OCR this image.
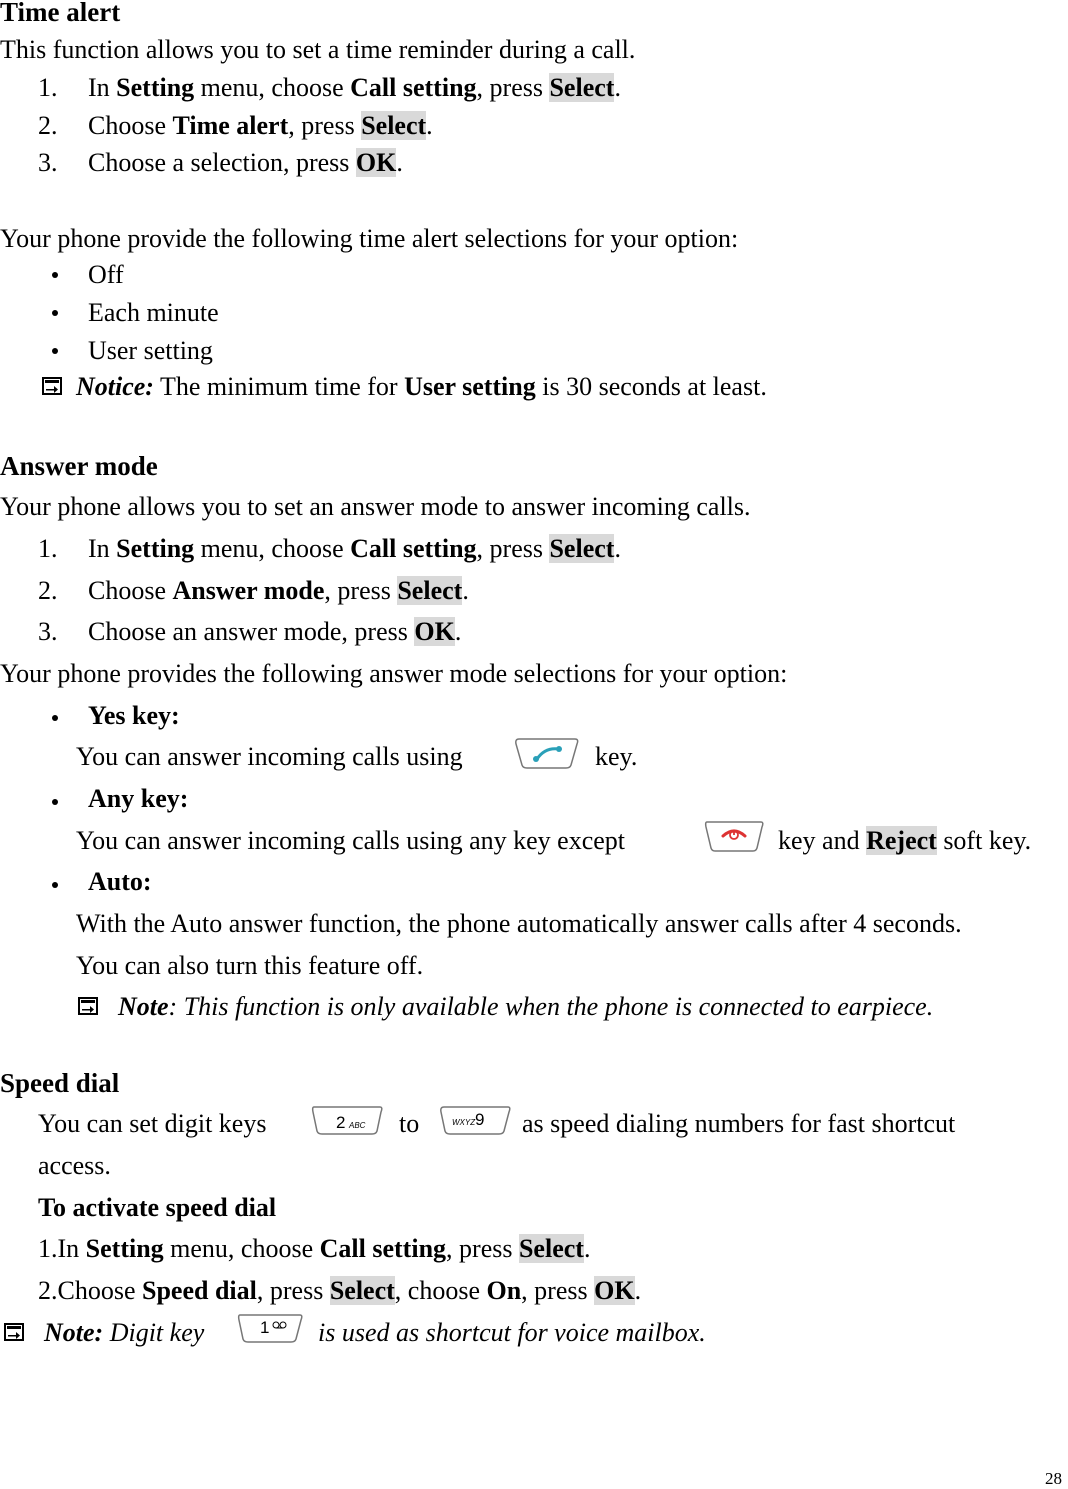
Time alert
This function allows you to set a time reminder during a call.
1. In Setting menu, choose Call setting, press Select.
2. Choose Time alert, press Select.
3. Choose a selection, press OK.
Your phone provide the following time alert selections for your option:
Off
Each minute
User setting
Notice: The minimum time for User setting is 30 seconds at least.
Answer mode
Your phone allows you to set an answer mode to answer incoming calls.
1. In Setting menu, choose Call setting, press Select.
2. Choose Answer mode, press Select.
3. Choose an answer mode, press OK.
Your phone provides the following answer mode selections for your option:
Yes key:
You can answer incoming calls using	key.
Any key:
You can answer incoming calls using any key except	key and Reject soft key.
Auto:
With the Auto answer function, the phone automatically answer calls after 4 seconds.
You can also turn this feature off.
Note: This function is only available when the phone is connected to earpiece.
Speed dial
You can set digit keys	2 ABC to	WXYZ 9 as speed dialing numbers for fast shortcut
access.
To activate speed dial
1.In Setting menu, choose Call setting, press Select.
2.Choose Speed dial, press Select, choose On, press OK.
Note: Digit key	1 is used as shortcut for voice mailbox.
28
